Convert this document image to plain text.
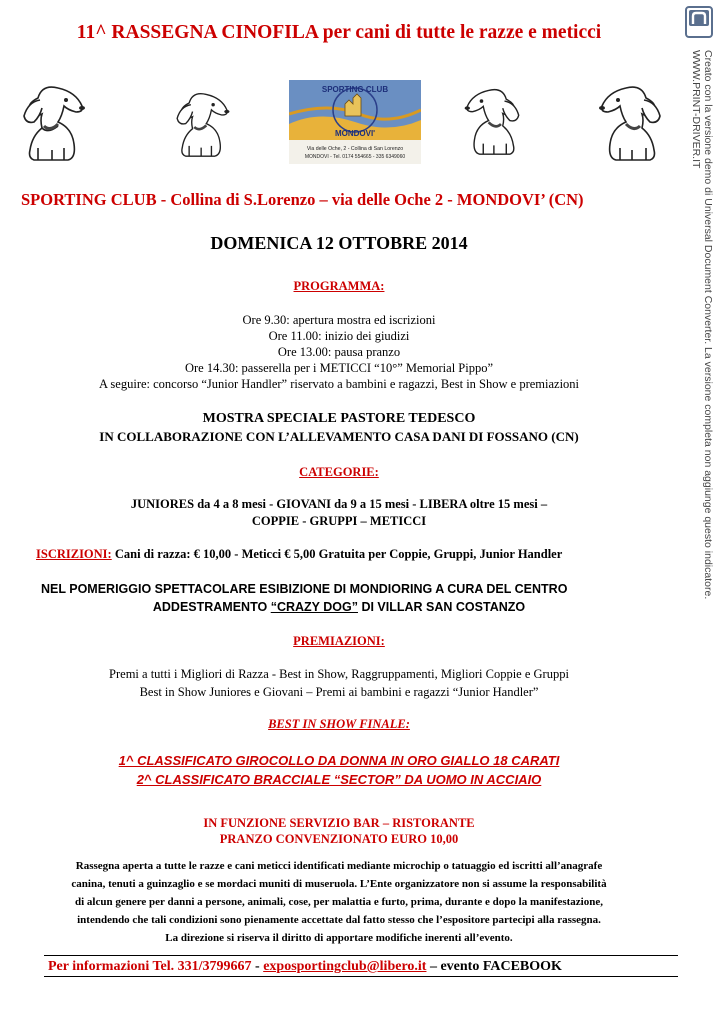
11^ RASSEGNA CINOFILA per cani di tutte le razze e meticci
SPORTING CLUB
MONDOVI'
Via delle Oche, 2 - Collina di San Lorenzo
MONDOVI - Tel. 0174 554665 - 335 6349060
SPORTING CLUB - Collina di S.Lorenzo – via delle Oche 2 - MONDOVI’ (CN)
DOMENICA 12 OTTOBRE 2014
PROGRAMMA:
Ore 9.30: apertura mostra ed iscrizioni
Ore 11.00: inizio dei giudizi
Ore 13.00: pausa pranzo
Ore 14.30: passerella per i METICCI “10°” Memorial Pippo”
A seguire: concorso “Junior Handler” riservato a bambini e ragazzi, Best in Show e premiazioni
MOSTRA SPECIALE PASTORE TEDESCO
IN COLLABORAZIONE CON L’ALLEVAMENTO CASA DANI DI FOSSANO (CN)
CATEGORIE:
JUNIORES da 4 a 8 mesi - GIOVANI da 9 a 15 mesi - LIBERA oltre 15 mesi –
COPPIE - GRUPPI – METICCI
ISCRIZIONI: Cani di razza: € 10,00 - Meticci € 5,00 Gratuita per Coppie, Gruppi, Junior Handler
NEL POMERIGGIO SPETTACOLARE ESIBIZIONE DI MONDIORING A CURA DEL CENTRO
ADDESTRAMENTO “CRAZY DOG” DI VILLAR SAN COSTANZO
PREMIAZIONI:
Premi a tutti i Migliori di Razza - Best in Show, Raggruppamenti, Migliori Coppie e Gruppi
Best in Show Juniores e Giovani – Premi ai bambini e ragazzi “Junior Handler”
BEST IN SHOW FINALE:
1^ CLASSIFICATO GIROCOLLO DA DONNA IN ORO GIALLO 18 CARATI
2^ CLASSIFICATO BRACCIALE “SECTOR” DA UOMO IN ACCIAIO
IN FUNZIONE SERVIZIO BAR – RISTORANTE
PRANZO CONVENZIONATO EURO 10,00
Rassegna aperta a tutte le razze e cani meticci identificati mediante microchip o tatuaggio ed iscritti all’anagrafe
canina, tenuti a guinzaglio e se mordaci muniti di museruola. L’Ente organizzatore non si assume la responsabilità
di alcun genere per danni a persone, animali, cose, per malattia e furto, prima, durante e dopo la manifestazione,
intendendo che tali condizioni sono pienamente accettate dal fatto stesso che l’espositore partecipi alla rassegna.
La direzione si riserva il diritto di apportare modifiche inerenti all’evento.
Per informazioni Tel. 331/3799667 - exposportingclub@libero.it – evento FACEBOOK
Creato con la versione demo di Universal Document Converter. La versione completa non aggiunge questo indicatore.
WWW.PRINT-DRIVER.IT
